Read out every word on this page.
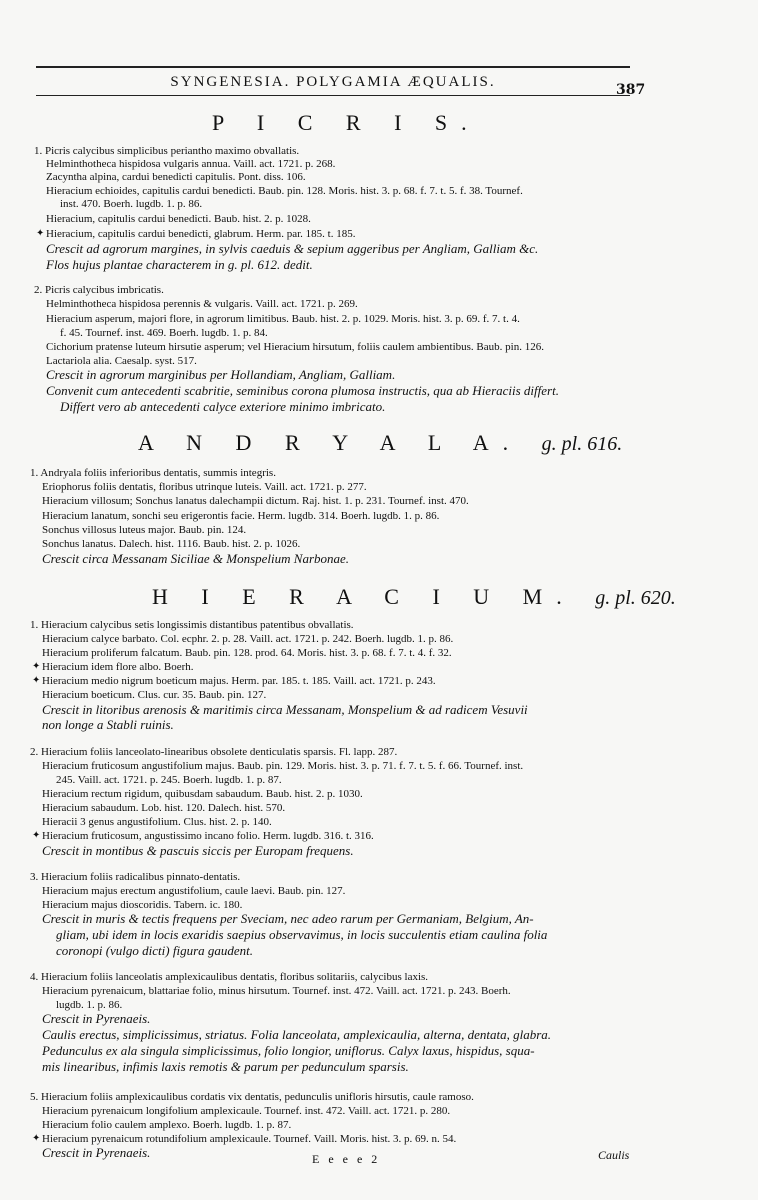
SYNGENESIA. POLYGAMIA ÆQUALIS.	387
P I C R I S.
1. Picris calycibus simplicibus periantho maximo obvallatis.
Helminthotheca hispidosa vulgaris annua. Vaill. act. 1721. p. 268.
Zacyntha alpina, cardui benedicti capitulis. Pont. diss. 106.
Hieracium echioides, capitulis cardui benedicti. Baub. pin. 128. Moris. hist. 3. p. 68. f. 7. t. 5. f. 38. Tournef.
inst. 470. Boerh. lugdb. 1. p. 86.
Hieracium, capitulis cardui benedicti. Baub. hist. 2. p. 1028.
✦ Hieracium, capitulis cardui benedicti, glabrum. Herm. par. 185. t. 185.
Crescit ad agrorum margines, in sylvis caeduis & sepium aggeribus per Angliam, Galliam &c.
Flos hujus plantae characterem in g. pl. 612. dedit.
2. Picris calycibus imbricatis.
Helminthotheca hispidosa perennis & vulgaris. Vaill. act. 1721. p. 269.
Hieracium asperum, majori flore, in agrorum limitibus. Baub. hist. 2. p. 1029. Moris. hist. 3. p. 69. f. 7. t. 4.
f. 45. Tournef. inst. 469. Boerh. lugdb. 1. p. 84.
Cichorium pratense luteum hirsutie asperum; vel Hieracium hirsutum, foliis caulem ambientibus. Baub. pin. 126.
Lactariola alia. Caesalp. syst. 517.
Crescit in agrorum marginibus per Hollandiam, Angliam, Galliam.
Convenit cum antecedenti scabritie, seminibus corona plumosa instructis, qua ab Hieraciis differt.
Differt vero ab antecedenti calyce exteriore minimo imbricato.
A N D R Y A L A. g. pl. 616.
1. Andryala foliis inferioribus dentatis, summis integris.
Eriophorus foliis dentatis, floribus utrinque luteis. Vaill. act. 1721. p. 277.
Hieracium villosum; Sonchus lanatus dalechampii dictum. Raj. hist. 1. p. 231. Tournef. inst. 470.
Hieracium lanatum, sonchi seu erigerontis facie. Herm. lugdb. 314. Boerh. lugdb. 1. p. 86.
Sonchus villosus luteus major. Baub. pin. 124.
Sonchus lanatus. Dalech. hist. 1116. Baub. hist. 2. p. 1026.
Crescit circa Messanam Siciliae & Monspelium Narbonae.
H I E R A C I U M. g. pl. 620.
1. Hieracium calycibus setis longissimis distantibus patentibus obvallatis.
Hieracium calyce barbato. Col. ecphr. 2. p. 28. Vaill. act. 1721. p. 242. Boerh. lugdb. 1. p. 86.
Hieracium proliferum falcatum. Baub. pin. 128. prod. 64. Moris. hist. 3. p. 68. f. 7. t. 4. f. 32.
✦ Hieracium idem flore albo. Boerh.
✦ Hieracium medio nigrum boeticum majus. Herm. par. 185. t. 185. Vaill. act. 1721. p. 243.
Hieracium boeticum. Clus. cur. 35. Baub. pin. 127.
Crescit in litoribus arenosis & maritimis circa Messanam, Monspelium & ad radicem Vesuvii
non longe a Stabli ruinis.
2. Hieracium foliis lanceolato-linearibus obsolete denticulatis sparsis. Fl. lapp. 287.
Hieracium fruticosum angustifolium majus. Baub. pin. 129. Moris. hist. 3. p. 71. f. 7. t. 5. f. 66. Tournef. inst.
245. Vaill. act. 1721. p. 245. Boerh. lugdb. 1. p. 87.
Hieracium rectum rigidum, quibusdam sabaudum. Baub. hist. 2. p. 1030.
Hieracium sabaudum. Lob. hist. 120. Dalech. hist. 570.
Hieracii 3 genus angustifolium. Clus. hist. 2. p. 140.
✦ Hieracium fruticosum, angustissimo incano folio. Herm. lugdb. 316. t. 316.
Crescit in montibus & pascuis siccis per Europam frequens.
3. Hieracium foliis radicalibus pinnato-dentatis.
Hieracium majus erectum angustifolium, caule laevi. Baub. pin. 127.
Hieracium majus dioscoridis. Tabern. ic. 180.
Crescit in muris & tectis frequens per Sveciam, nec adeo rarum per Germaniam, Belgium, An-
gliam, ubi idem in locis exaridis saepius observavimus, in locis succulentis etiam caulina folia
coronopi (vulgo dicti) figura gaudent.
4. Hieracium foliis lanceolatis amplexicaulibus dentatis, floribus solitariis, calycibus laxis.
Hieracium pyrenaicum, blattariae folio, minus hirsutum. Tournef. inst. 472. Vaill. act. 1721. p. 243. Boerh.
lugdb. 1. p. 86.
Crescit in Pyrenaeis.
Caulis erectus, simplicissimus, striatus. Folia lanceolata, amplexicaulia, alterna, dentata, glabra.
Pedunculus ex ala singula simplicissimus, folio longior, uniflorus. Calyx laxus, hispidus, squa-
mis linearibus, infimis laxis remotis & parum per pedunculum sparsis.
5. Hieracium foliis amplexicaulibus cordatis vix dentatis, pedunculis unifloris hirsutis, caule ramoso.
Hieracium pyrenaicum longifolium amplexicaule. Tournef. inst. 472. Vaill. act. 1721. p. 280.
Hieracium folio caulem amplexo. Boerh. lugdb. 1. p. 87.
✦ Hieracium pyrenaicum rotundifolium amplexicaule. Tournef. Vaill. Moris. hist. 3. p. 69. n. 54.
Crescit in Pyrenaeis.	E e e e 2	Caulis
